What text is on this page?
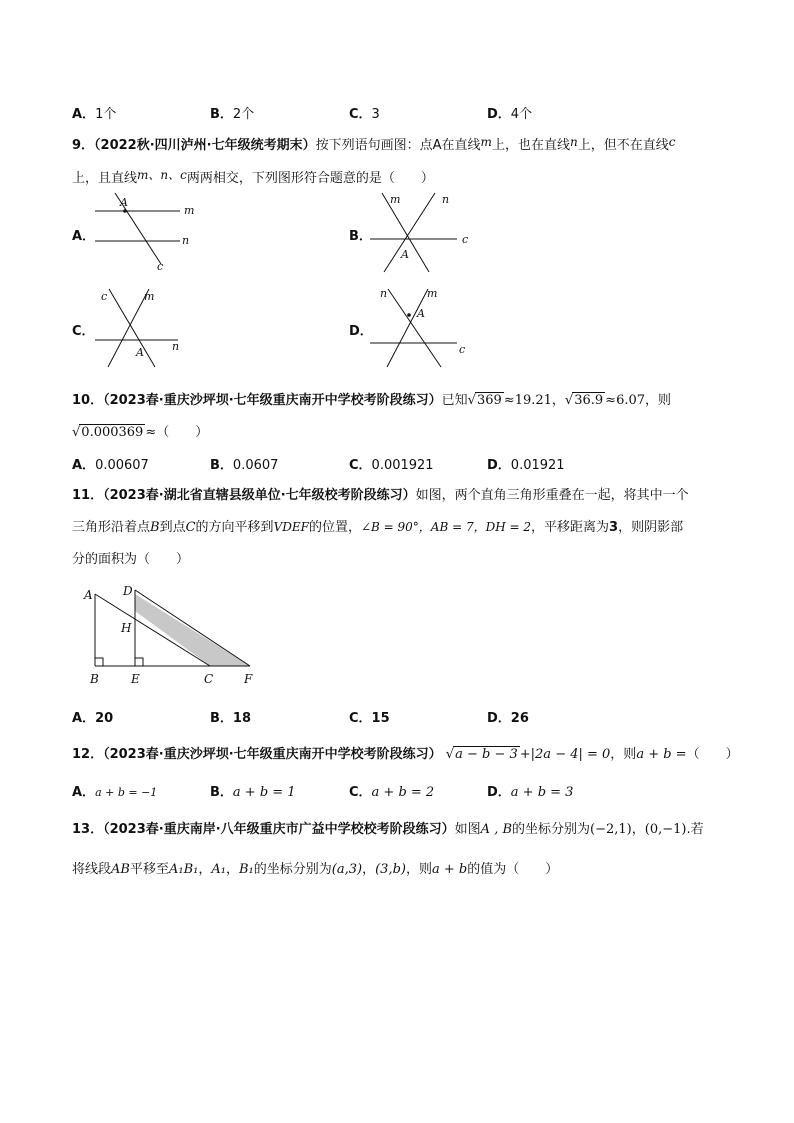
A．1个	B．2个	C．3	D．4个
9．（2022秋·四川泸州·七年级统考期末）按下列语句画图：点A在直线m上，也在直线n上，但不在直线c
上，且直线m、n、c两两相交，下列图形符合题意的是（　　）
A．
A
m
n
c
B．
m	n
c
A
C．
c	m
n
A
D．
n	m
A
c
10．（2023春·重庆沙坪坝·七年级重庆南开中学校考阶段练习）已知√369 ≈19.21，√36.9 ≈6.07，则
√0.000369 ≈（　　）
A．0.00607	B．0.0607	C．0.001921	D．0.01921
11．（2023春·湖北省直辖县级单位·七年级校考阶段练习）如图，两个直角三角形重叠在一起，将其中一个
三角形沿着点B到点C的方向平移到VDEF的位置，∠B = 90°，AB = 7，DH = 2，平移距离为3，则阴影部
分的面积为（　　）
A	D
H
B	E	C	F
A．20	B．18	C．15	D．26
12．（2023春·重庆沙坪坝·七年级重庆南开中学校考阶段练习） √a − b − 3 +|2a − 4| = 0，则a + b =（　　）
A．a + b = −1	B．a + b = 1	C．a + b = 2	D．a + b = 3
13．（2023春·重庆南岸·八年级重庆市广益中学校校考阶段练习）如图A , B的坐标分别为(−2,1)，(0,−1).若
将线段AB平移至A₁B₁，A₁，B₁的坐标分别为(a,3)，(3,b)，则a + b的值为（　　）
